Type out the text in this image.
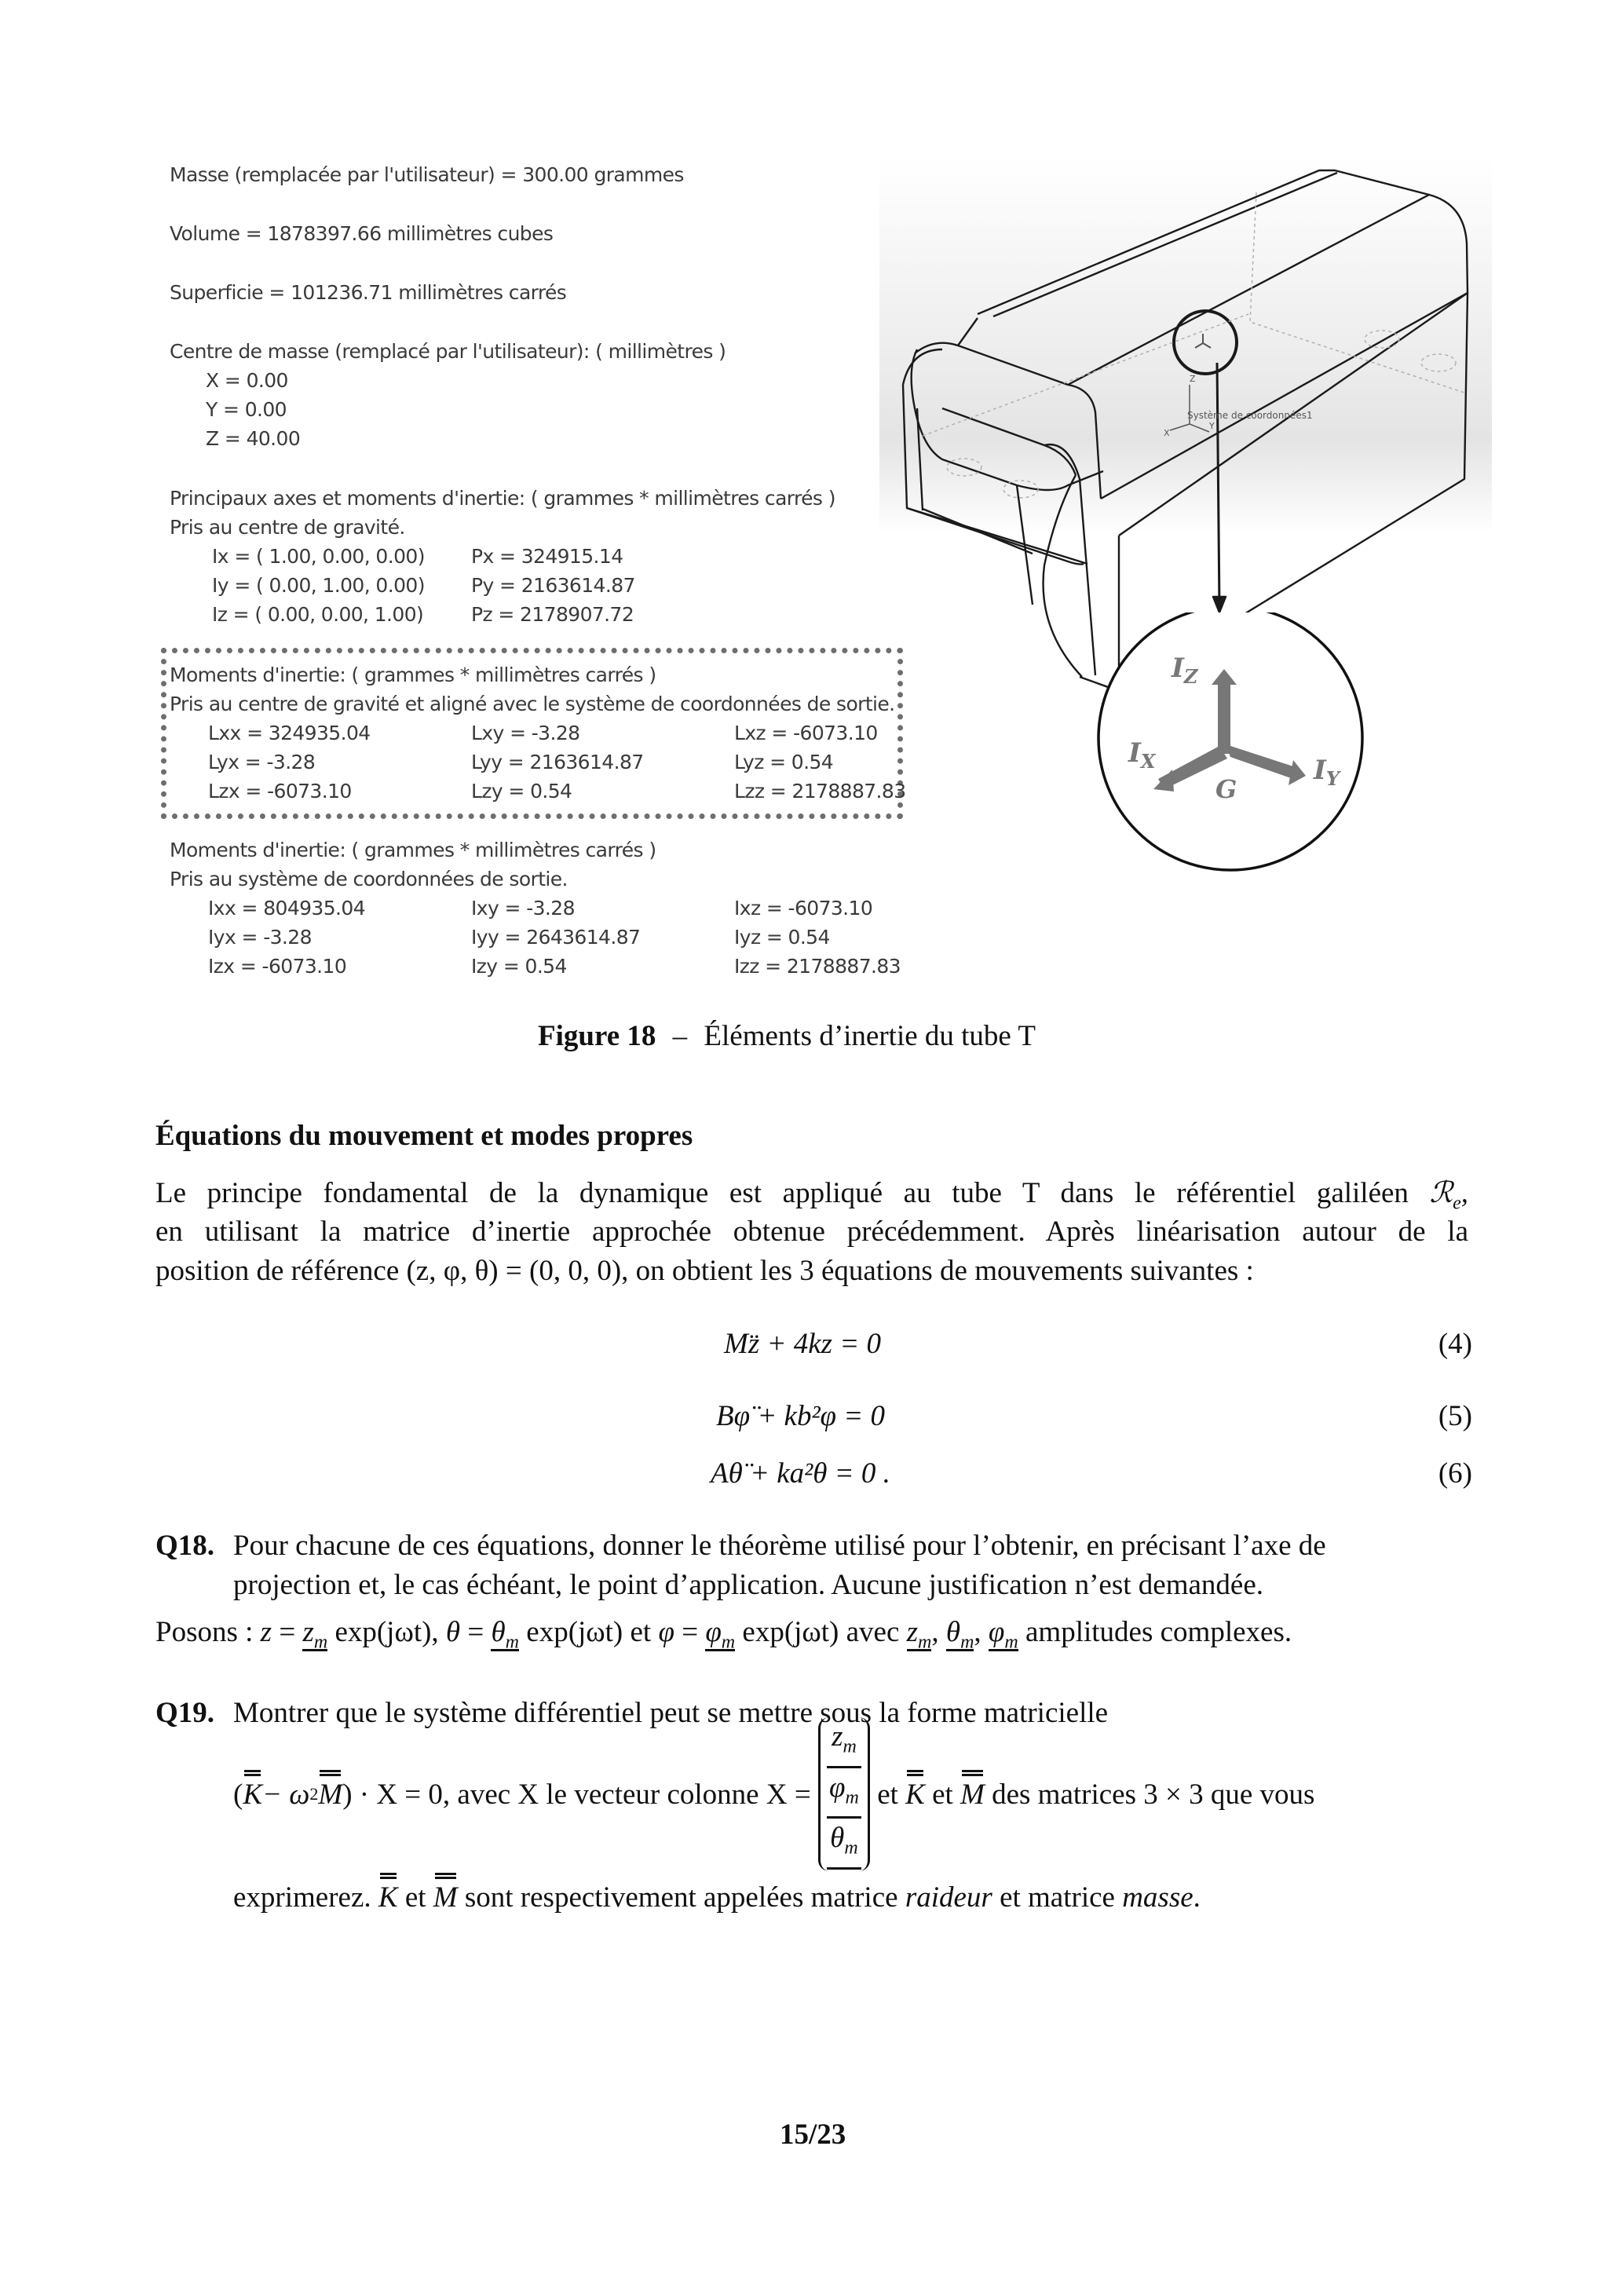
Masse (remplacée par l'utilisateur) = 300.00 grammes
Volume = 1878397.66 millimètres cubes
Superficie = 101236.71 millimètres carrés
Centre de masse (remplacé par l'utilisateur): ( millimètres )
X = 0.00
Y = 0.00
Z = 40.00
Principaux axes et moments d'inertie: ( grammes * millimètres carrés )
Pris au centre de gravité.
Ix = ( 1.00, 0.00, 0.00) Px = 324915.14
Iy = ( 0.00, 1.00, 0.00) Py = 2163614.87
Iz = ( 0.00, 0.00, 1.00) Pz = 2178907.72
Moments d'inertie: ( grammes * millimètres carrés )
Pris au centre de gravité et aligné avec le système de coordonnées de sortie.
Lxx = 324935.04	Lxy = -3.28	Lxz = -6073.10
Lyx = -3.28	Lyy = 2163614.87	Lyz = 0.54
Lzx = -6073.10	Lzy = 0.54	Lzz = 2178887.83
Moments d'inertie: ( grammes * millimètres carrés )
Pris au système de coordonnées de sortie.
Ixx = 804935.04	Ixy = -3.28	Ixz = -6073.10
Iyx = -3.28	Iyy = 2643614.87	Iyz = 0.54
Izx = -6073.10	Izy = 0.54	Izz = 2178887.83
Z
X
Y
Système de coordonnées1
$I_Z$
$I_X$	$I_Y$
G
Figure 18 – Éléments d’inertie du tube T
Équations du mouvement et modes propres
Le principe fondamental de la dynamique est appliqué au tube T dans le référentiel galiléen ℛ$_e$,
en utilisant la matrice d’inertie approchée obtenue précédemment. Après linéarisation autour de la
position de référence (z, φ, θ) = (0, 0, 0), on obtient les 3 équations de mouvements suivantes :
Mz̈ + 4kz = 0	(4)
Bφ̈ + kb²φ = 0	(5)
Aθ̈ + ka²θ = 0 .	(6)
Q18. Pour chacune de ces équations, donner le théorème utilisé pour l’obtenir, en précisant l’axe de
projection et, le cas échéant, le point d’application. Aucune justification n’est demandée.
Posons : $z = z_m$ exp(jωt), $\theta = \theta_m$ exp(jωt) et $\varphi = \varphi_m$ exp(jωt) avec $z_m$, $\theta_m$, $\varphi_m$ amplitudes complexes.
Q19. Montrer que le système différentiel peut se mettre sous la forme matricielle
( K − ω 2 M ) · X = 0, avec X le vecteur colonne X =
$z_m$
$\varphi_m$
$\theta_m$
et K et M des matrices 3 × 3 que vous
exprimerez. K et M sont respectivement appelées matrice raideur et matrice masse.
15/23
